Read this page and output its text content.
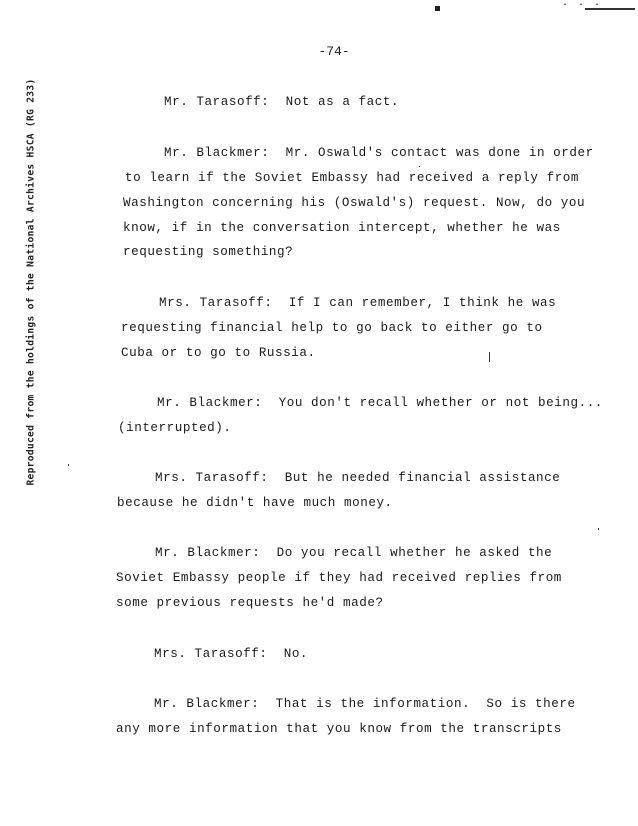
· · ·
-74-
Reproduced from the holdings of the National Archives HSCA (RG 233)	Mr. Tarasoff:  Not as a fact.
Mr. Blackmer:  Mr. Oswald's contact was done in order
to learn if the Soviet Embassy had received a reply from
Washington concerning his (Oswald's) request. Now, do you
know, if in the conversation intercept, whether he was
requesting something?
Mrs. Tarasoff:  If I can remember, I think he was
requesting financial help to go back to either go to
Cuba or to go to Russia.
Mr. Blackmer:  You don't recall whether or not being...
(interrupted).
Mrs. Tarasoff:  But he needed financial assistance
because he didn't have much money.
Mr. Blackmer:  Do you recall whether he asked the
Soviet Embassy people if they had received replies from
some previous requests he'd made?
Mrs. Tarasoff:  No.
Mr. Blackmer:  That is the information.  So is there
any more information that you know from the transcripts
